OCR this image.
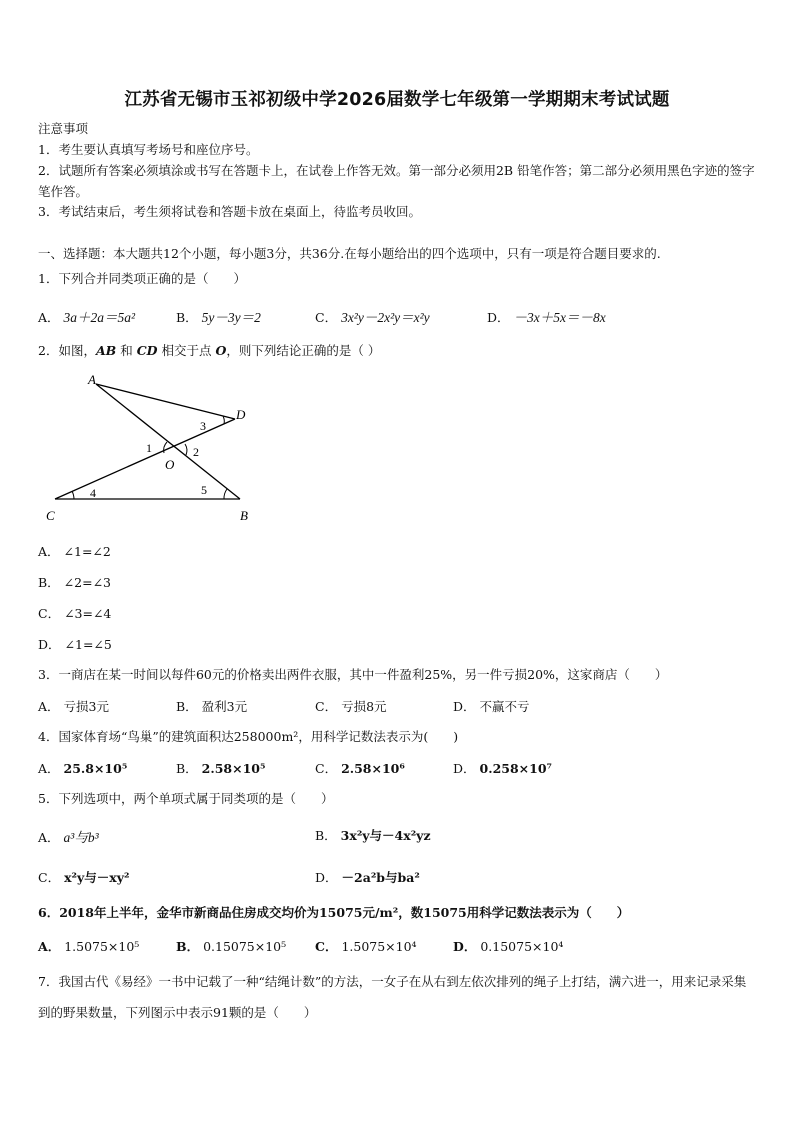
江苏省无锡市玉祁初级中学2026届数学七年级第一学期期末考试试题
注意事项
1．考生要认真填写考场号和座位序号。
2．试题所有答案必须填涂或书写在答题卡上，在试卷上作答无效。第一部分必须用2B 铅笔作答；第二部分必须用黑色字迹的签字笔作答。
3．考试结束后，考生须将试卷和答题卡放在桌面上，待监考员收回。
一、选择题：本大题共12个小题，每小题3分，共36分.在每小题给出的四个选项中，只有一项是符合题目要求的.
1．下列合并同类项正确的是（　　）
A． 3a＋2a＝5a²	B． 5y－3y＝2	C． 3x²y－2x²y＝x²y	D． －3x＋5x＝－8x
2．如图，AB 和 CD 相交于点 O，则下列结论正确的是（ ）
A
D
C	B
O
1	2
3
4	5
A． ∠1=∠2
B． ∠2=∠3
C． ∠3=∠4
D． ∠1=∠5
3．一商店在某一时间以每件60元的价格卖出两件衣服，其中一件盈利25%，另一件亏损20%，这家商店（　　）
A． 亏损3元	B． 盈利3元	C． 亏损8元	D． 不赢不亏
4．国家体育场“鸟巢”的建筑面积达258000m²，用科学记数法表示为(　　)
A． 25.8×10⁵	B． 2.58×10⁵	C． 2.58×10⁶	D． 0.258×10⁷
5．下列选项中，两个单项式属于同类项的是（　　）
A． a³与b³	B． 3x²y与－4x²yz
C． x²y与－xy²	D． －2a²b与ba²
6．2018年上半年，金华市新商品住房成交均价为15075元/m²，数15075用科学记数法表示为（　　）
A． 1.5075×10⁵	B． 0.15075×10⁵ C． 1.5075×10⁴	D． 0.15075×10⁴
7．我国古代《易经》一书中记载了一种“结绳计数”的方法，一女子在从右到左依次排列的绳子上打结，满六进一，用来记录采集到的野果数量，下列图示中表示91颗的是（　　）
